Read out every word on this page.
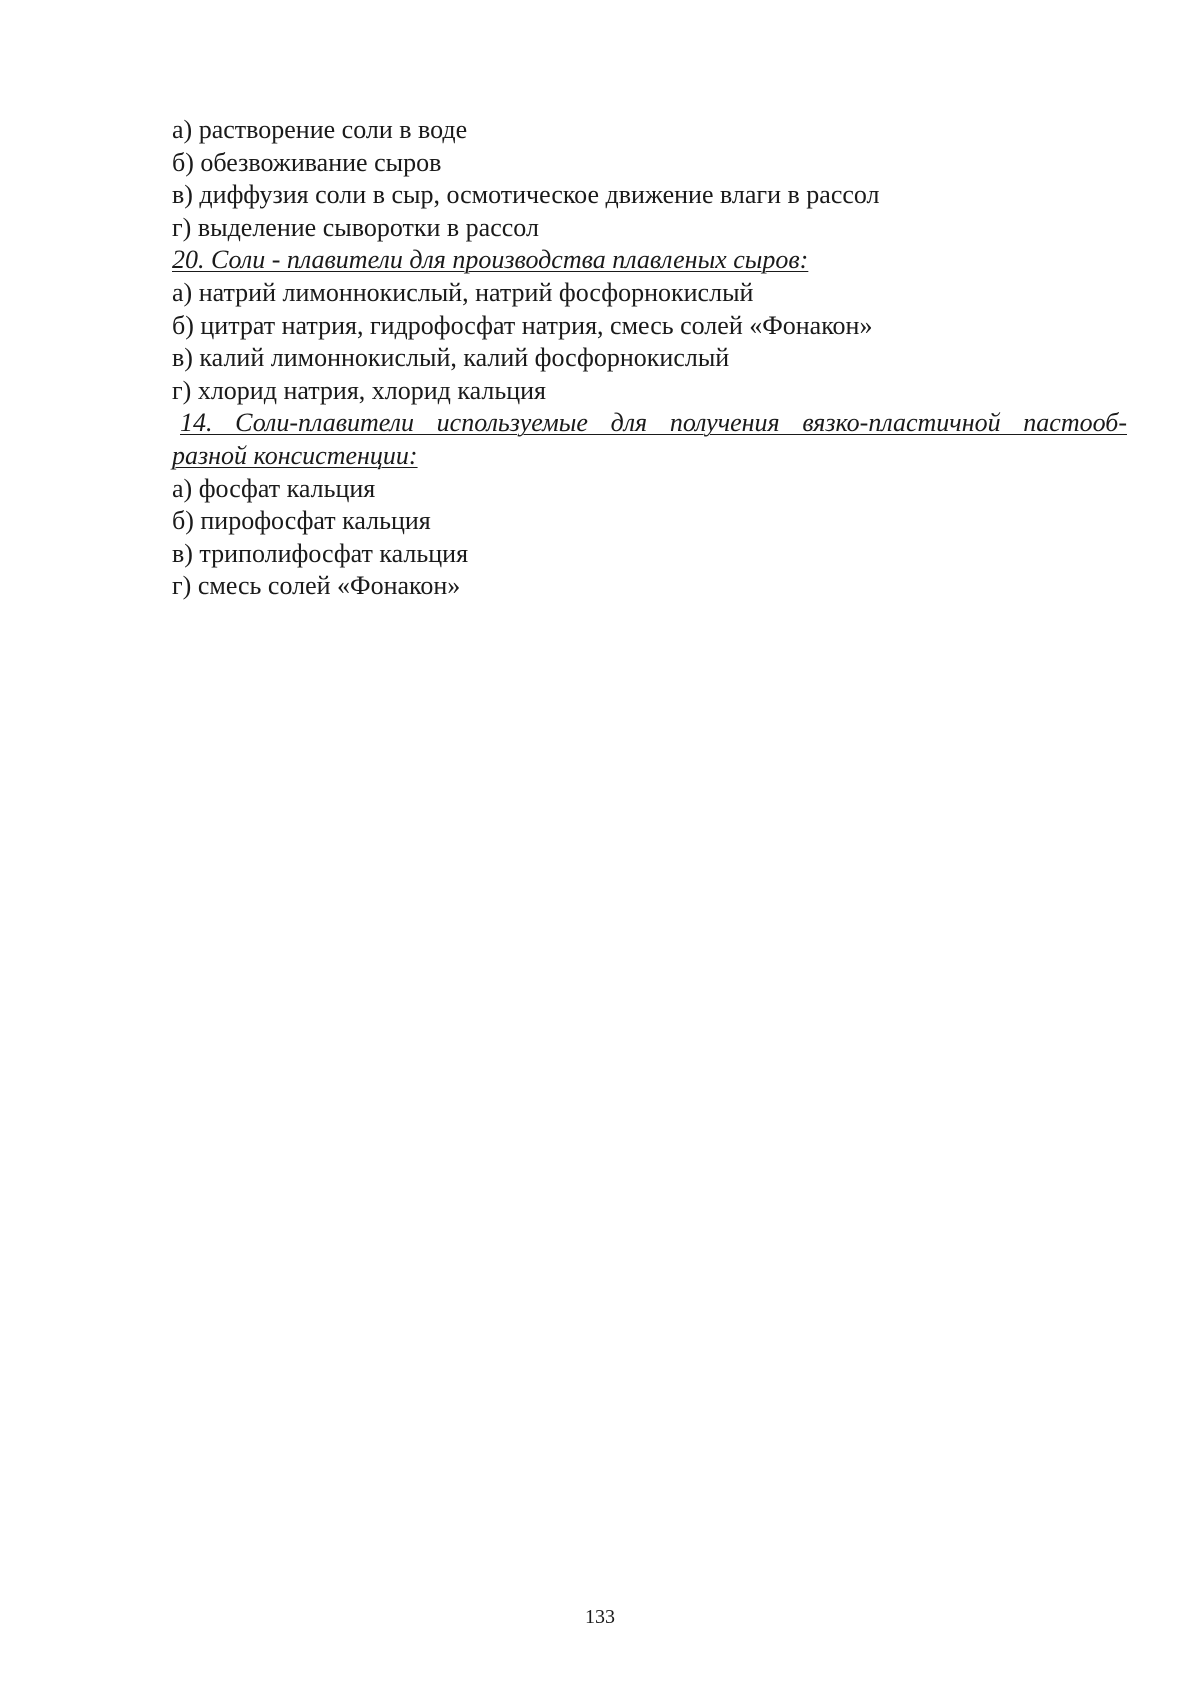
а) растворение соли в воде
б) обезвоживание сыров
в) диффузия соли в сыр, осмотическое движение влаги в рассол
г) выделение сыворотки в рассол
20. Соли - плавители для производства плавленых сыров:
а) натрий лимоннокислый, натрий фосфорнокислый
б) цитрат натрия, гидрофосфат натрия, смесь солей «Фонакон»
в) калий лимоннокислый, калий фосфорнокислый
г) хлорид натрия, хлорид кальция
14. Соли-плавители используемые для получения вязко-пластичной пастооб-
разной консистенции:
а) фосфат кальция
б) пирофосфат кальция
в) триполифосфат кальция
г) смесь солей «Фонакон»
133
